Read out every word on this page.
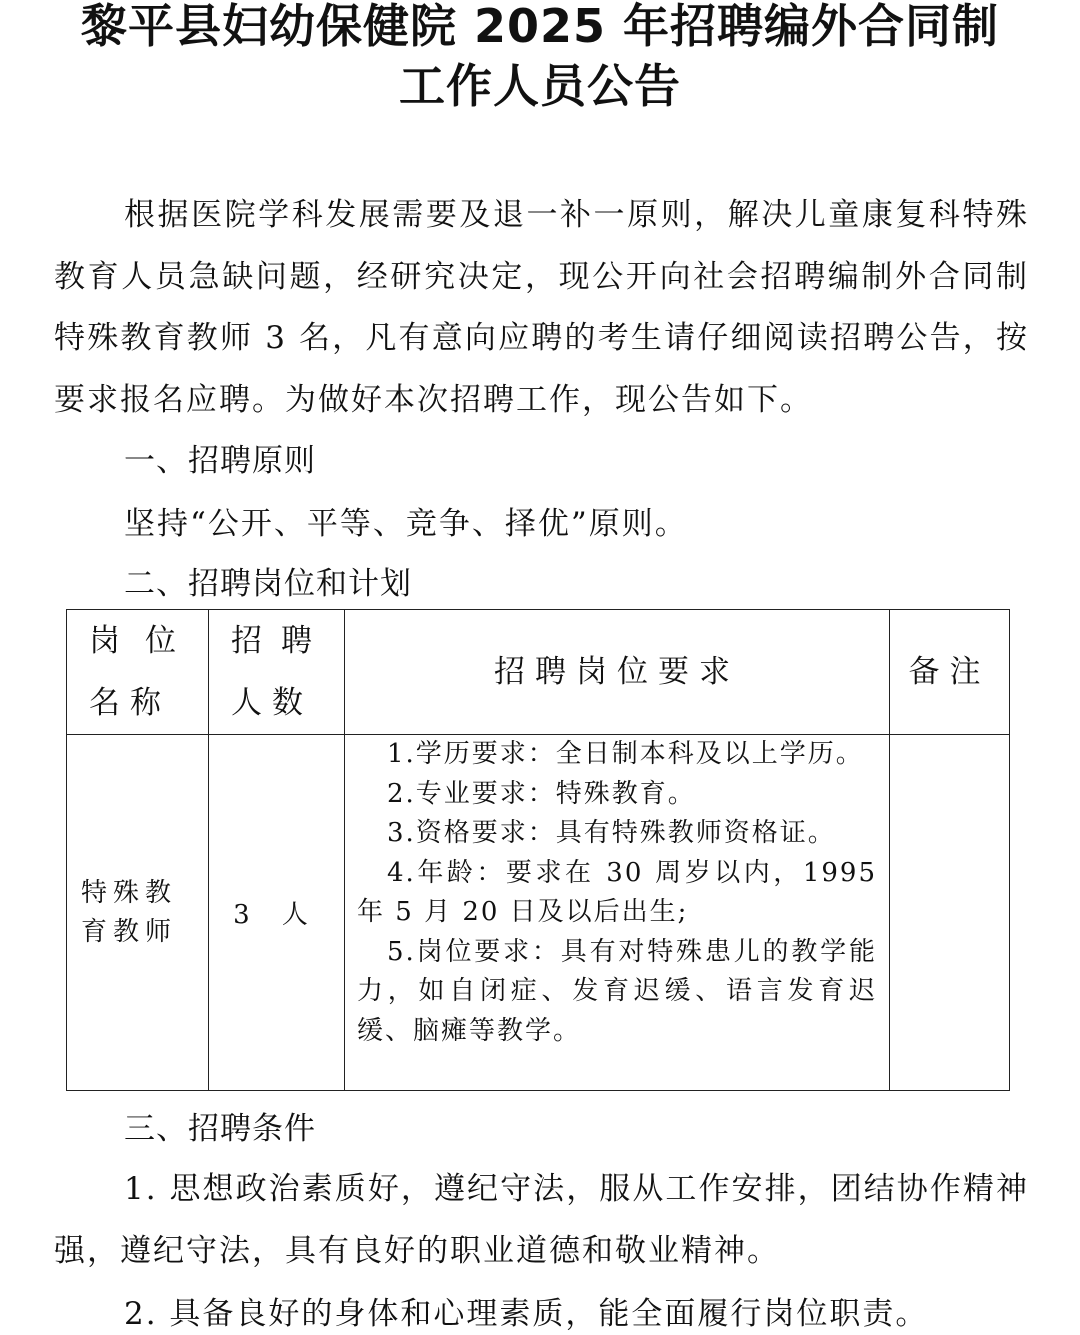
黎平县妇幼保健院 2025 年招聘编外合同制
工作人员公告

根据医院学科发展需要及退一补一原则，解决儿童康复科特殊教育人员急缺问题，经研究决定，现公开向社会招聘编制外合同制特殊教育教师 3 名，凡有意向应聘的考生请仔细阅读招聘公告，按要求报名应聘。为做好本次招聘工作，现公告如下。

一、招聘原则
坚持“公开、平等、竞争、择优”原则。
二、招聘岗位和计划
岗位名称	招聘人数	招聘岗位要求	备注
特殊教育教师	3 人	1.学历要求：全日制本科及以上学历。
2.专业要求：特殊教育。
3.资格要求：具有特殊教师资格证。
4.年龄：要求在 30 周岁以内，1995 年 5 月 20 日及以后出生;
5.岗位要求：具有对特殊患儿的教学能力，如自闭症、发育迟缓、语言发育迟缓、脑瘫等教学。	

三、招聘条件

1. 思想政治素质好，遵纪守法，服从工作安排，团结协作精神强，遵纪守法，具有良好的职业道德和敬业精神。

2. 具备良好的身体和心理素质，能全面履行岗位职责。
